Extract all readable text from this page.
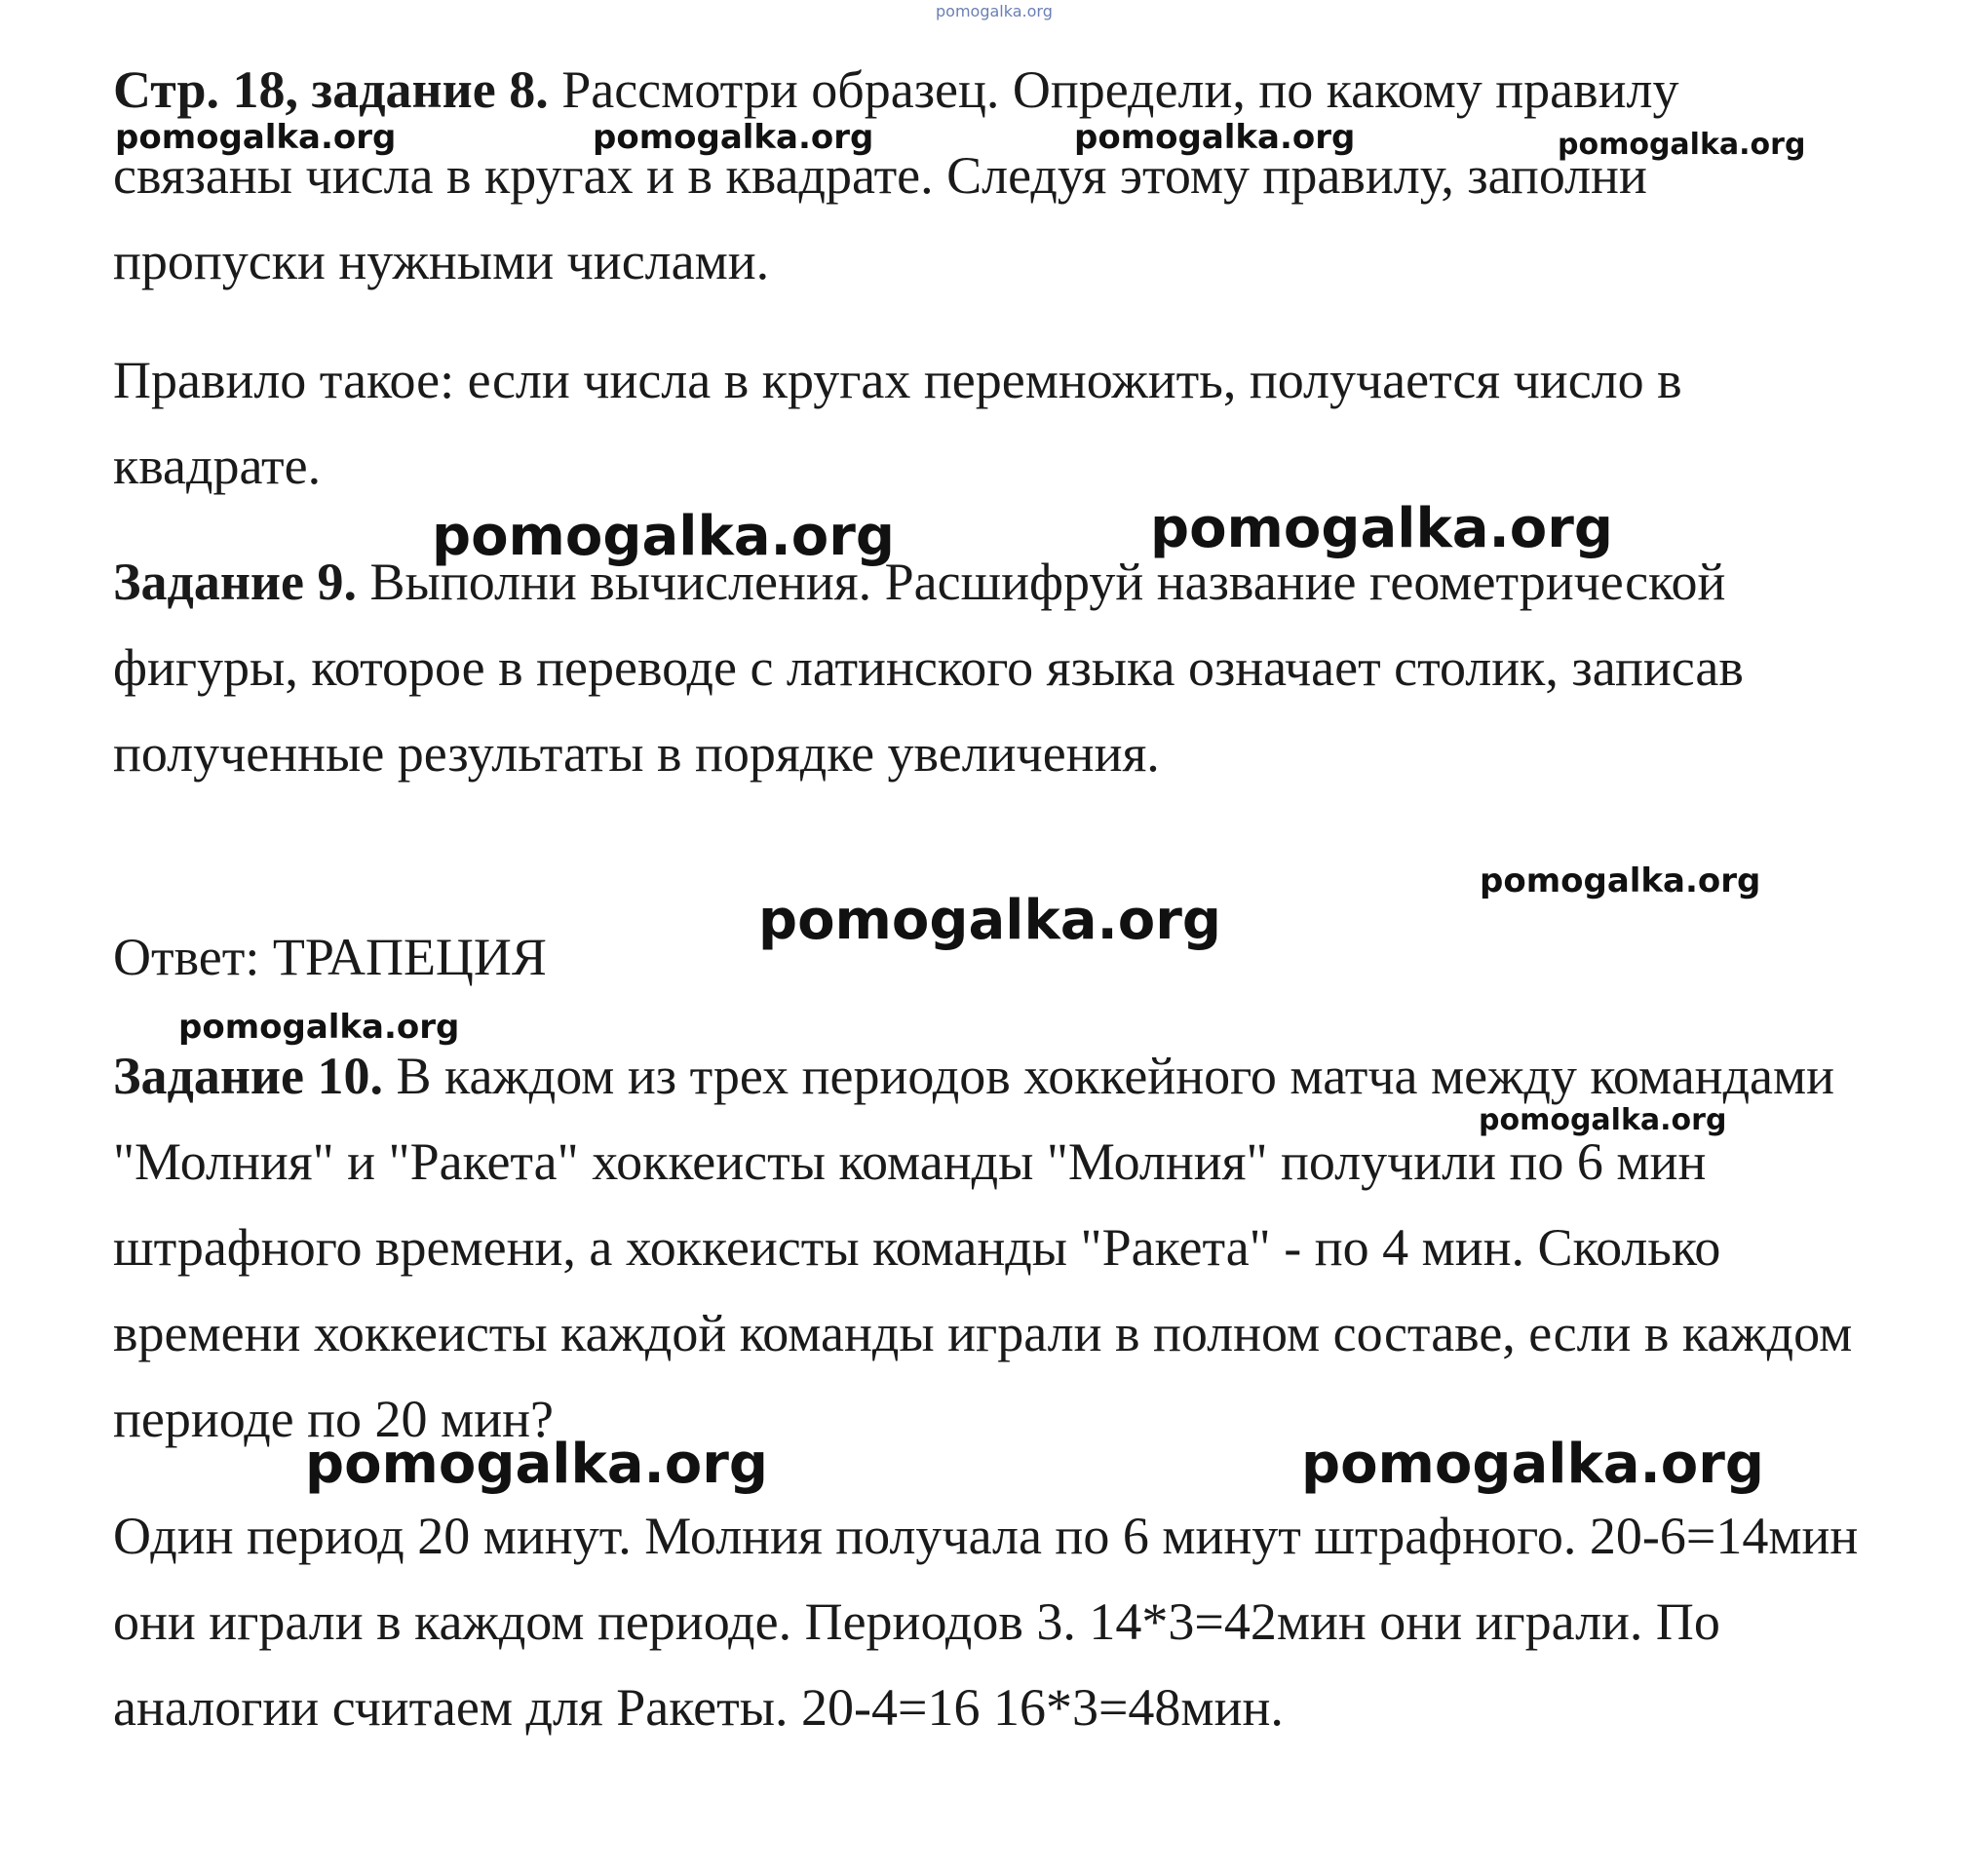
Стр. 18, задание 8. Рассмотри образец. Определи, по какому правилу связаны числа в кругах и в квадрате. Следуя этому правилу, заполни пропуски нужными числами.

Правило такое: если числа в кругах перемножить, получается число в квадрате.

Задание 9. Выполни вычисления. Расшифруй название геометрической фигуры, которое в переводе с латинского языка означает столик, записав полученные результаты в порядке увеличения.

Ответ: ТРАПЕЦИЯ

Задание 10. В каждом из трех периодов хоккейного матча между командами "Молния" и "Ракета" хоккеисты команды "Молния" получили по 6 мин штрафного времени, а хоккеисты команды "Ракета" - по 4 мин. Сколько времени хоккеисты каждой команды играли в полном составе, если в каждом периоде по 20 мин?

Один период 20 минут. Молния получала по 6 минут штрафного. 20-6=14мин они играли в каждом периоде. Периодов 3. 14*3=42мин они играли. По аналогии считаем для Ракеты. 20-4=16 16*3=48мин.

pomogalka.org
pomogalka.org	pomogalka.org	pomogalka.org	pomogalka.org
pomogalka.org	pomogalka.org
pomogalka.org
pomogalka.org
pomogalka.org
pomogalka.org
pomogalka.org	pomogalka.org
